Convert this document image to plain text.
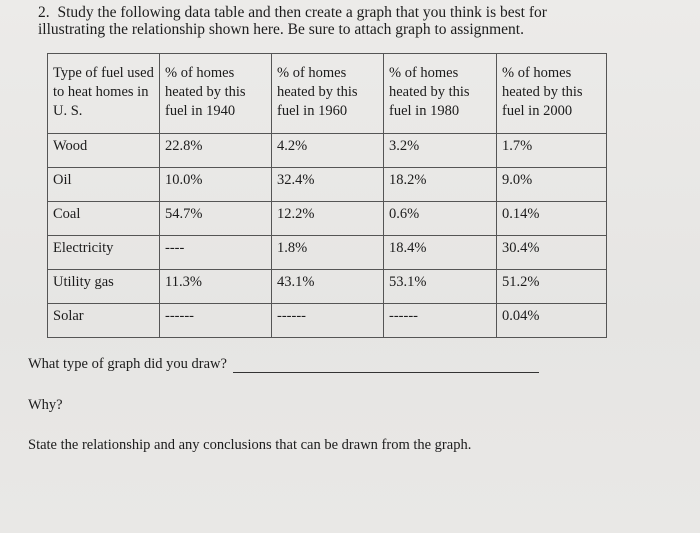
2. Study the following data table and then create a graph that you think is best for
illustrating the relationship shown here. Be sure to attach graph to assignment.
Type of fuel used to heat homes in U. S.	% of homes heated by this fuel in 1940	% of homes heated by this fuel in 1960	% of homes heated by this fuel in 1980	% of homes heated by this fuel in 2000
Wood	22.8%	4.2%	3.2%	1.7%
Oil	10.0%	32.4%	18.2%	9.0%
Coal	54.7%	12.2%	0.6%	0.14%
Electricity	----	1.8%	18.4%	30.4%
Utility gas	11.3%	43.1%	53.1%	51.2%
Solar	------	------	------	0.04%

What type of graph did you draw?

Why?

State the relationship and any conclusions that can be drawn from the graph.
